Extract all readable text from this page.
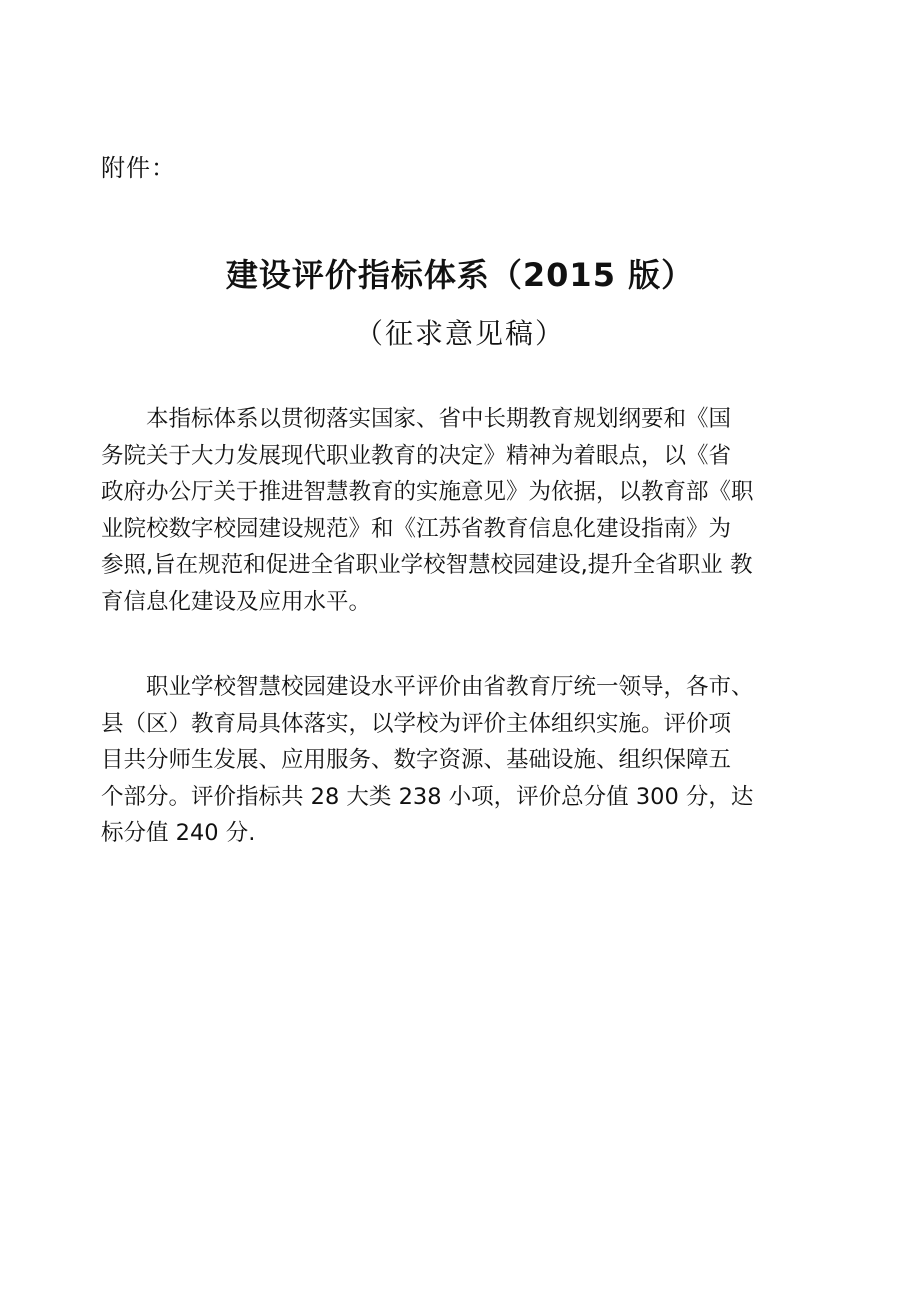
附件：
建设评价指标体系（2015 版）
（征求意见稿）
　　本指标体系以贯彻落实国家、省中长期教育规划纲要和《国
务院关于大力发展现代职业教育的决定》精神为着眼点，以《省
政府办公厅关于推进智慧教育的实施意见》为依据，以教育部《职
业院校数字校园建设规范》和《江苏省教育信息化建设指南》为
参照,旨在规范和促进全省职业学校智慧校园建设,提升全省职业 教
育信息化建设及应用水平。
　　职业学校智慧校园建设水平评价由省教育厅统一领导，各市、
县（区）教育局具体落实，以学校为评价主体组织实施。评价项
目共分师生发展、应用服务、数字资源、基础设施、组织保障五
个部分。评价指标共 28 大类 238 小项，评价总分值 300 分，达
标分值 240 分.
